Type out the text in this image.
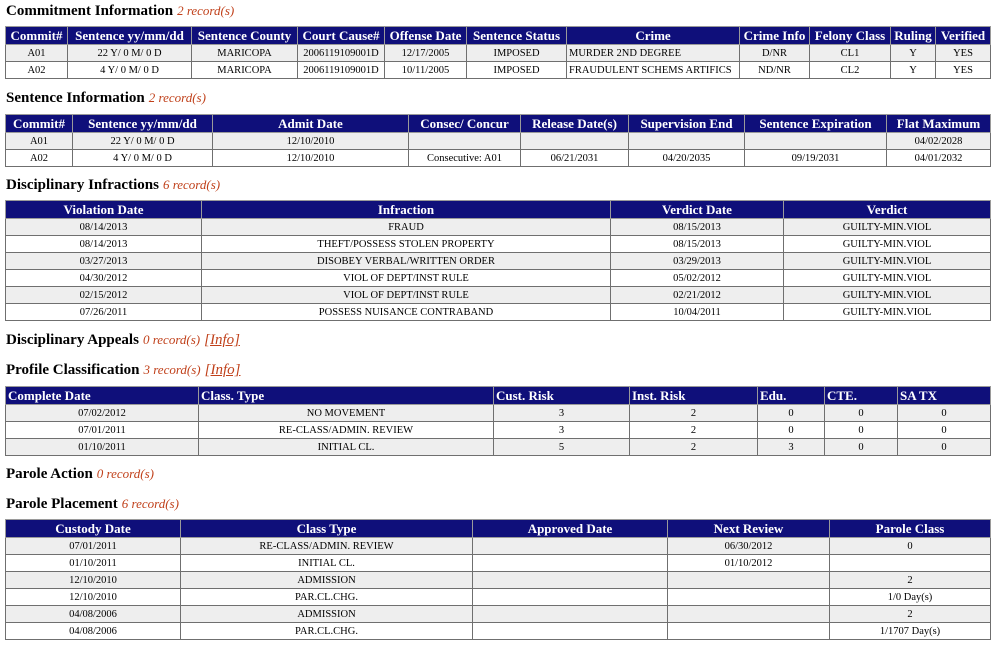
Commitment Information 2 record(s)
Commit#	Sentence yy/mm/dd	Sentence County	Court Cause#	Offense Date	Sentence Status	Crime	Crime Info	Felony Class	Ruling	Verified
A01	22 Y/ 0 M/ 0 D	MARICOPA	2006119109001D	12/17/2005	IMPOSED	MURDER 2ND DEGREE	D/NR	CL1	Y	YES
A02	4 Y/ 0 M/ 0 D	MARICOPA	2006119109001D	10/11/2005	IMPOSED	FRAUDULENT SCHEMS ARTIFICS	ND/NR	CL2	Y	YES
Sentence Information 2 record(s)
Commit#	Sentence yy/mm/dd	Admit Date	Consec/ Concur	Release Date(s)	Supervision End	Sentence Expiration	Flat Maximum
A01	22 Y/ 0 M/ 0 D	12/10/2010					04/02/2028
A02	4 Y/ 0 M/ 0 D	12/10/2010	Consecutive: A01	06/21/2031	04/20/2035	09/19/2031	04/01/2032
Disciplinary Infractions 6 record(s)
Violation Date	Infraction	Verdict Date	Verdict
08/14/2013	FRAUD	08/15/2013	GUILTY-MIN.VIOL
08/14/2013	THEFT/POSSESS STOLEN PROPERTY	08/15/2013	GUILTY-MIN.VIOL
03/27/2013	DISOBEY VERBAL/WRITTEN ORDER	03/29/2013	GUILTY-MIN.VIOL
04/30/2012	VIOL OF DEPT/INST RULE	05/02/2012	GUILTY-MIN.VIOL
02/15/2012	VIOL OF DEPT/INST RULE	02/21/2012	GUILTY-MIN.VIOL
07/26/2011	POSSESS NUISANCE CONTRABAND	10/04/2011	GUILTY-MIN.VIOL
Disciplinary Appeals 0 record(s) [Info]
Profile Classification 3 record(s) [Info]
Complete Date	Class. Type	Cust. Risk	Inst. Risk	Edu.	CTE.	SA TX
07/02/2012	NO MOVEMENT	3	2	0	0	0
07/01/2011	RE-CLASS/ADMIN. REVIEW	3	2	0	0	0
01/10/2011	INITIAL CL.	5	2	3	0	0
Parole Action 0 record(s)
Parole Placement 6 record(s)
Custody Date	Class Type	Approved Date	Next Review	Parole Class
07/01/2011	RE-CLASS/ADMIN. REVIEW		06/30/2012	0
01/10/2011	INITIAL CL.		01/10/2012	
12/10/2010	ADMISSION			2
12/10/2010	PAR.CL.CHG.			1/0 Day(s)
04/08/2006	ADMISSION			2
04/08/2006	PAR.CL.CHG.			1/1707 Day(s)
